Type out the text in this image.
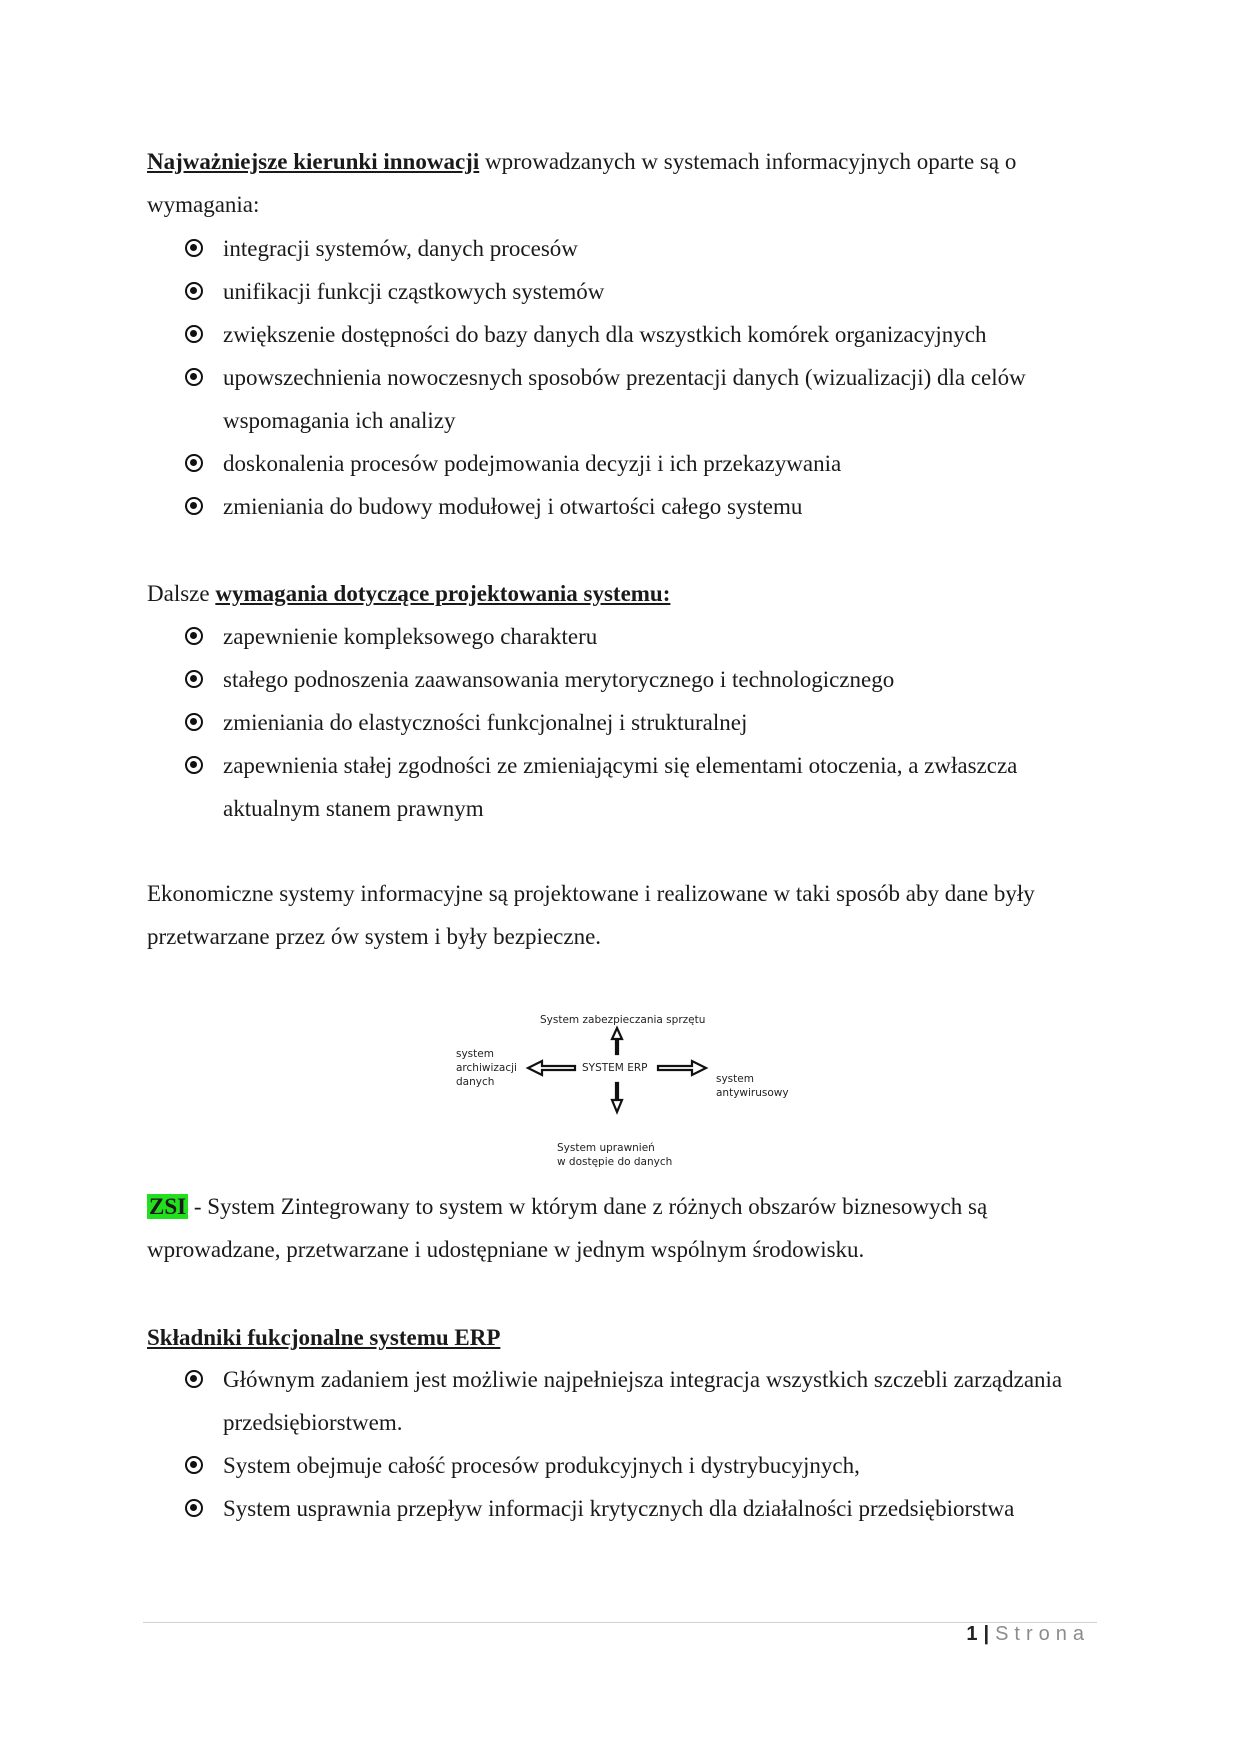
Najważniejsze kierunki innowacji wprowadzanych w systemach informacyjnych oparte są o wymagania:

integracji systemów, danych procesów
unifikacji funkcji cząstkowych systemów
zwiększenie dostępności do bazy danych dla wszystkich komórek organizacyjnych
upowszechnienia nowoczesnych sposobów prezentacji danych (wizualizacji) dla celów wspomagania ich analizy
doskonalenia procesów podejmowania decyzji i ich przekazywania
zmieniania do budowy modułowej i otwartości całego systemu

Dalsze wymagania dotyczące projektowania systemu:

zapewnienie kompleksowego charakteru
stałego podnoszenia zaawansowania merytorycznego i technologicznego
zmieniania do elastyczności funkcjonalnej i strukturalnej
zapewnienia stałej zgodności ze zmieniającymi się elementami otoczenia, a zwłaszcza aktualnym stanem prawnym

Ekonomiczne systemy informacyjne są projektowane i realizowane w taki sposób aby dane były przetwarzane przez ów system i były bezpieczne.

System zabezpieczania sprzętu
SYSTEM ERP
system
archiwizacji
danych	system
antywirusowy
System uprawnień
w dostępie do danych

ZSI - System Zintegrowany to system w którym dane z różnych obszarów biznesowych są wprowadzane, przetwarzane i udostępniane w jednym wspólnym środowisku.

Składniki fukcjonalne systemu ERP

Głównym zadaniem jest możliwie najpełniejsza integracja wszystkich szczebli zarządzania przedsiębiorstwem.
System obejmuje całość procesów produkcyjnych i dystrybucyjnych,
System usprawnia przepływ informacji krytycznych dla działalności przedsiębiorstwa
1 | Strona
